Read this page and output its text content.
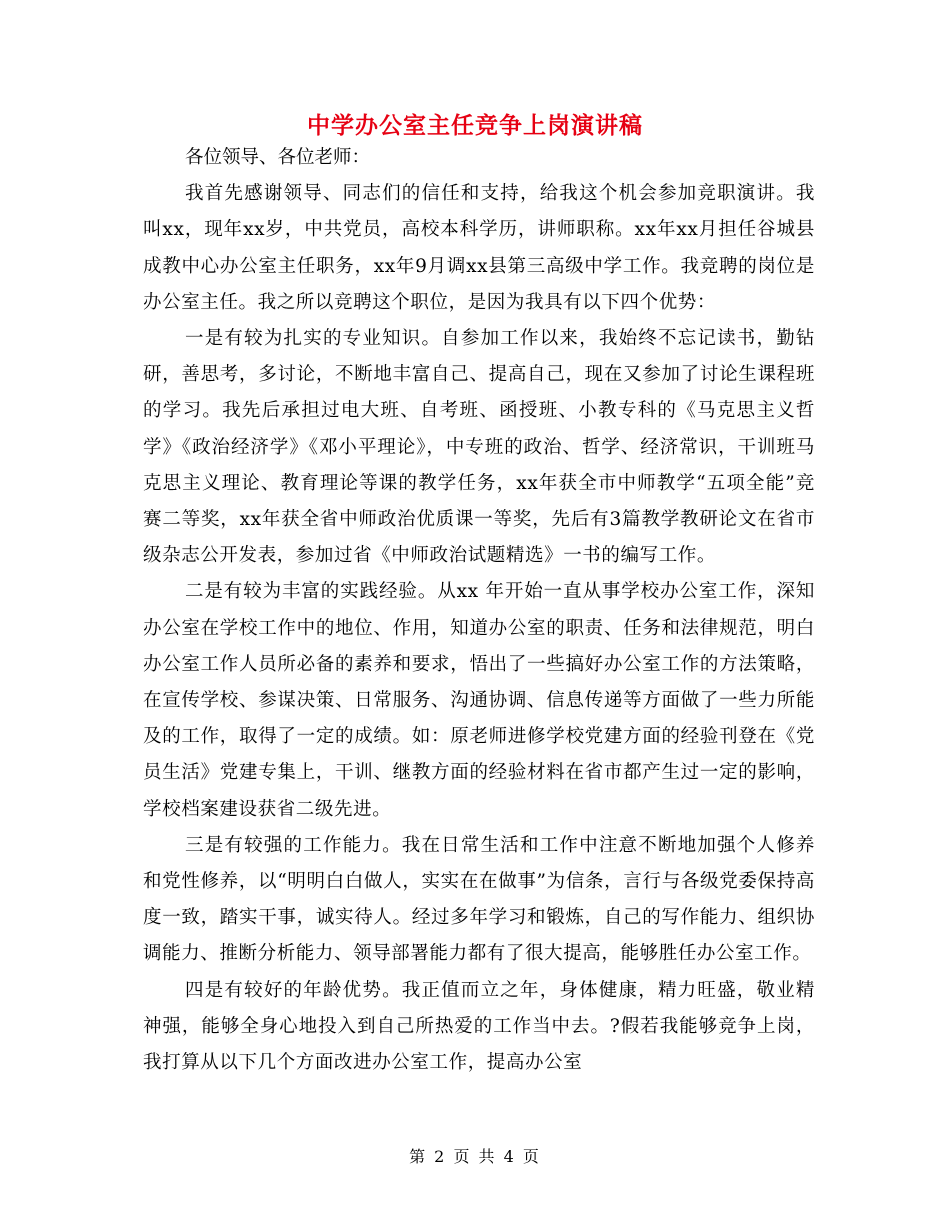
中学办公室主任竞争上岗演讲稿

各位领导、各位老师：

我首先感谢领导、同志们的信任和支持，给我这个机会参加竞职演讲。我叫xx，现年xx岁，中共党员，高校本科学历，讲师职称。xx年xx月担任谷城县成教中心办公室主任职务，xx年9月调xx县第三高级中学工作。我竞聘的岗位是办公室主任。我之所以竞聘这个职位，是因为我具有以下四个优势：

一是有较为扎实的专业知识。自参加工作以来，我始终不忘记读书，勤钻研，善思考，多讨论，不断地丰富自己、提高自己，现在又参加了讨论生课程班的学习。我先后承担过电大班、自考班、函授班、小教专科的《马克思主义哲学》《政治经济学》《邓小平理论》，中专班的政治、哲学、经济常识，干训班马克思主义理论、教育理论等课的教学任务，xx年获全市中师教学“五项全能”竞赛二等奖，xx年获全省中师政治优质课一等奖，先后有3篇教学教研论文在省市级杂志公开发表，参加过省《中师政治试题精选》一书的编写工作。

二是有较为丰富的实践经验。从xx 年开始一直从事学校办公室工作，深知办公室在学校工作中的地位、作用，知道办公室的职责、任务和法律规范，明白办公室工作人员所必备的素养和要求，悟出了一些搞好办公室工作的方法策略，在宣传学校、参谋决策、日常服务、沟通协调、信息传递等方面做了一些力所能及的工作，取得了一定的成绩。如：原老师进修学校党建方面的经验刊登在《党员生活》党建专集上，干训、继教方面的经验材料在省市都产生过一定的影响，学校档案建设获省二级先进。

三是有较强的工作能力。我在日常生活和工作中注意不断地加强个人修养和党性修养，以“明明白白做人，实实在在做事”为信条，言行与各级党委保持高度一致，踏实干事，诚实待人。经过多年学习和锻炼，自己的写作能力、组织协调能力、推断分析能力、领导部署能力都有了很大提高，能够胜任办公室工作。

四是有较好的年龄优势。我正值而立之年，身体健康，精力旺盛，敬业精神强，能够全身心地投入到自己所热爱的工作当中去。?假若我能够竞争上岗，我打算从以下几个方面改进办公室工作，提高办公室

第 2 页 共 4 页
